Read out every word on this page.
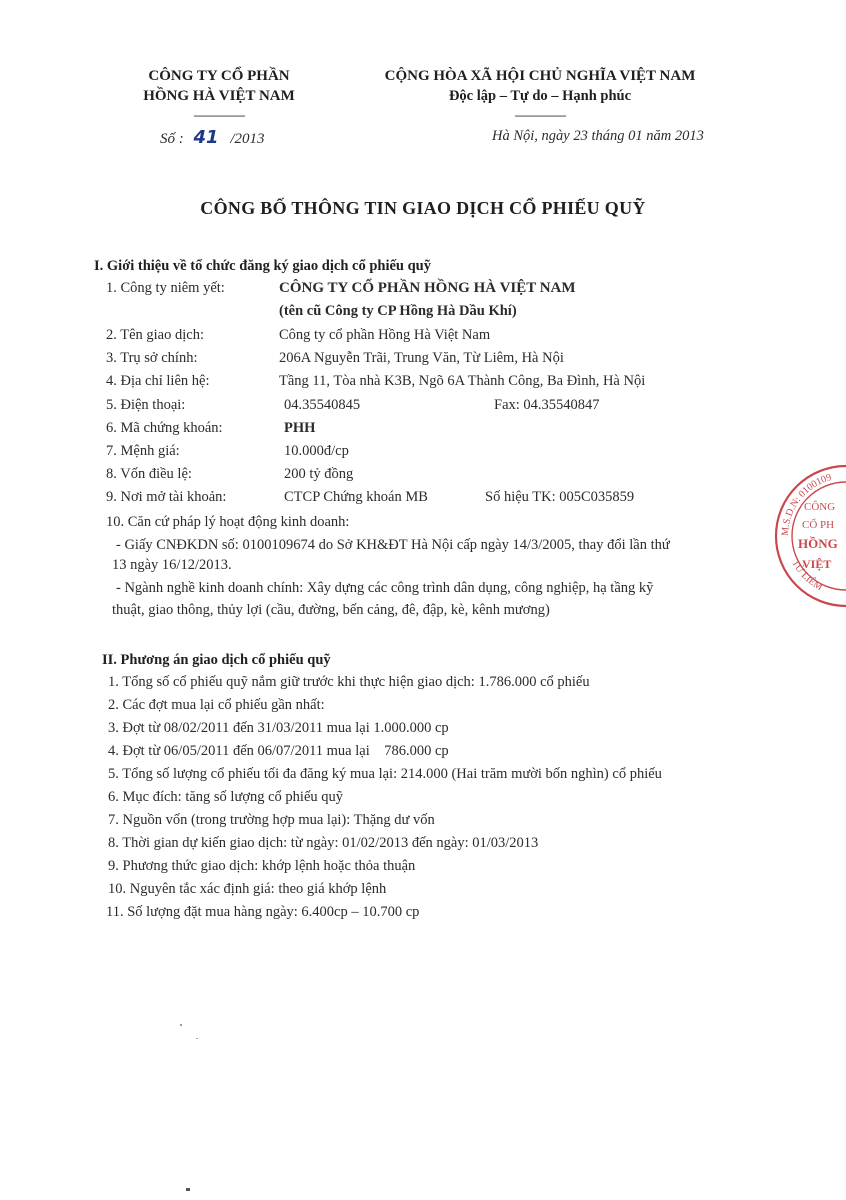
CÔNG TY CỔ PHẦN
HỒNG HÀ VIỆT NAM
-----------------
Số : 41 /2013
CỘNG HÒA XÃ HỘI CHỦ NGHĨA VIỆT NAM
Độc lập – Tự do – Hạnh phúc
-----------------
Hà Nội, ngày 23 tháng 01 năm 2013
CÔNG BỐ THÔNG TIN GIAO DỊCH CỔ PHIẾU QUỸ
I. Giới thiệu về tổ chức đăng ký giao dịch cổ phiếu quỹ
1. Công ty niêm yết:	CÔNG TY CỔ PHẦN HỒNG HÀ VIỆT NAM
(tên cũ Công ty CP Hồng Hà Dầu Khí)
2. Tên giao dịch:	Công ty cổ phần Hồng Hà Việt Nam
3. Trụ sở chính:	206A Nguyễn Trãi, Trung Văn, Từ Liêm, Hà Nội
4. Địa chỉ liên hệ:	Tầng 11, Tòa nhà K3B, Ngõ 6A Thành Công, Ba Đình, Hà Nội
5. Điện thoại:	04.35540845	Fax: 04.35540847
6. Mã chứng khoán:	PHH
7. Mệnh giá:	10.000đ/cp
8. Vốn điều lệ:	200 tỷ đồng
9. Nơi mở tài khoản:	CTCP Chứng khoán MB	Số hiệu TK: 005C035859
10. Căn cứ pháp lý hoạt động kinh doanh:
- Giấy CNĐKDN số: 0100109674 do Sở KH&ĐT Hà Nội cấp ngày 14/3/2005, thay đổi lần thứ
13 ngày 16/12/2013.
- Ngành nghề kinh doanh chính: Xây dựng các công trình dân dụng, công nghiệp, hạ tầng kỹ
thuật, giao thông, thủy lợi (cầu, đường, bến cảng, đê, đập, kè, kênh mương)
II. Phương án giao dịch cổ phiếu quỹ
1. Tổng số cổ phiếu quỹ nắm giữ trước khi thực hiện giao dịch: 1.786.000 cổ phiếu
2. Các đợt mua lại cổ phiếu gần nhất:
3. Đợt từ 08/02/2011 đến 31/03/2011 mua lại 1.000.000 cp
4. Đợt từ 06/05/2011 đến 06/07/2011 mua lại    786.000 cp
5. Tổng số lượng cổ phiếu tối đa đăng ký mua lại: 214.000 (Hai trăm mười bốn nghìn) cổ phiếu
6. Mục đích: tăng số lượng cổ phiếu quỹ
7. Nguồn vốn (trong trường hợp mua lại): Thặng dư vốn
8. Thời gian dự kiến giao dịch: từ ngày: 01/02/2013 đến ngày: 01/03/2013
9. Phương thức giao dịch: khớp lệnh hoặc thỏa thuận
10. Nguyên tắc xác định giá: theo giá khớp lệnh
11. Số lượng đặt mua hàng ngày: 6.400cp – 10.700 cp
M.S.D.N: 0100109
TỪ LIÊM
CÔNG
CỔ PH
HỒNG
VIỆT
